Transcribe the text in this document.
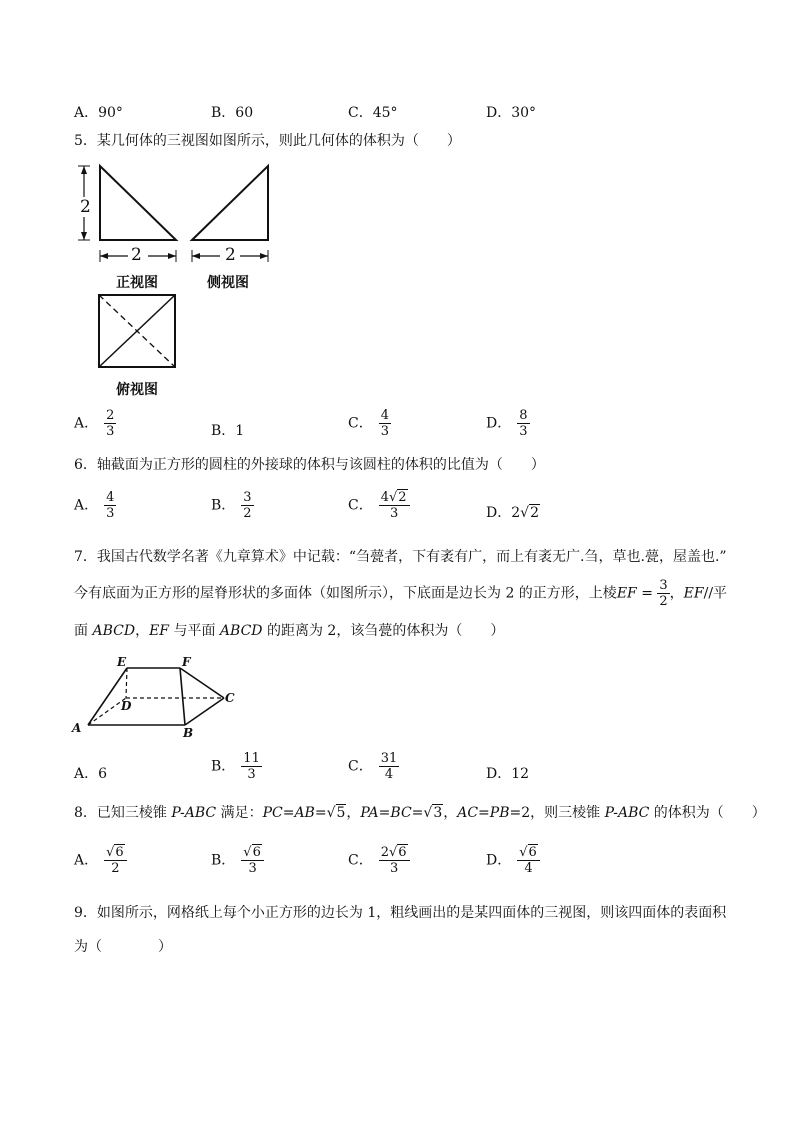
A．90°	B．60	C．45°	D．30°
5．某几何体的三视图如图所示，则此几何体的体积为（　　）
2
2	2
正视图	侧视图
俯视图
A． $\frac{2}{3}$	B．1	C． $\frac{4}{3}$	D． $\frac{8}{3}$
6．轴截面为正方形的圆柱的外接球的体积与该圆柱的体积的比值为（　　）
A． $\frac{4}{3}$	B． $\frac{3}{2}$	C． $\frac{4√2}{3}$	D．2√2
7．我国古代数学名著《九章算术》中记载：“刍甍者，下有袤有广，而上有袤无广.刍，草也.甍，屋盖也.”
今有底面为正方形的屋脊形状的多面体（如图所示），下底面是边长为 2 的正方形，上棱EF = $\frac{3}{2}$ ，EF//平
面 ABCD，EF 与平面 ABCD 的距离为 2，该刍甍的体积为（　　）
E	F
D
C
A	B
A．6	B． $\frac{11}{3}$	C． $\frac{31}{4}$	D．12
8．已知三棱锥 P-ABC 满足：PC=AB=√5，PA=BC=√3，AC=PB=2，则三棱锥 P-ABC 的体积为（　　）
A． $\frac{√6}{2}$	B． $\frac{√6}{3}$	C． $\frac{2√6}{3}$	D． $\frac{√6}{4}$
9．如图所示，网格纸上每个小正方形的边长为 1，粗线画出的是某四面体的三视图，则该四面体的表面积
为（　　　　）
